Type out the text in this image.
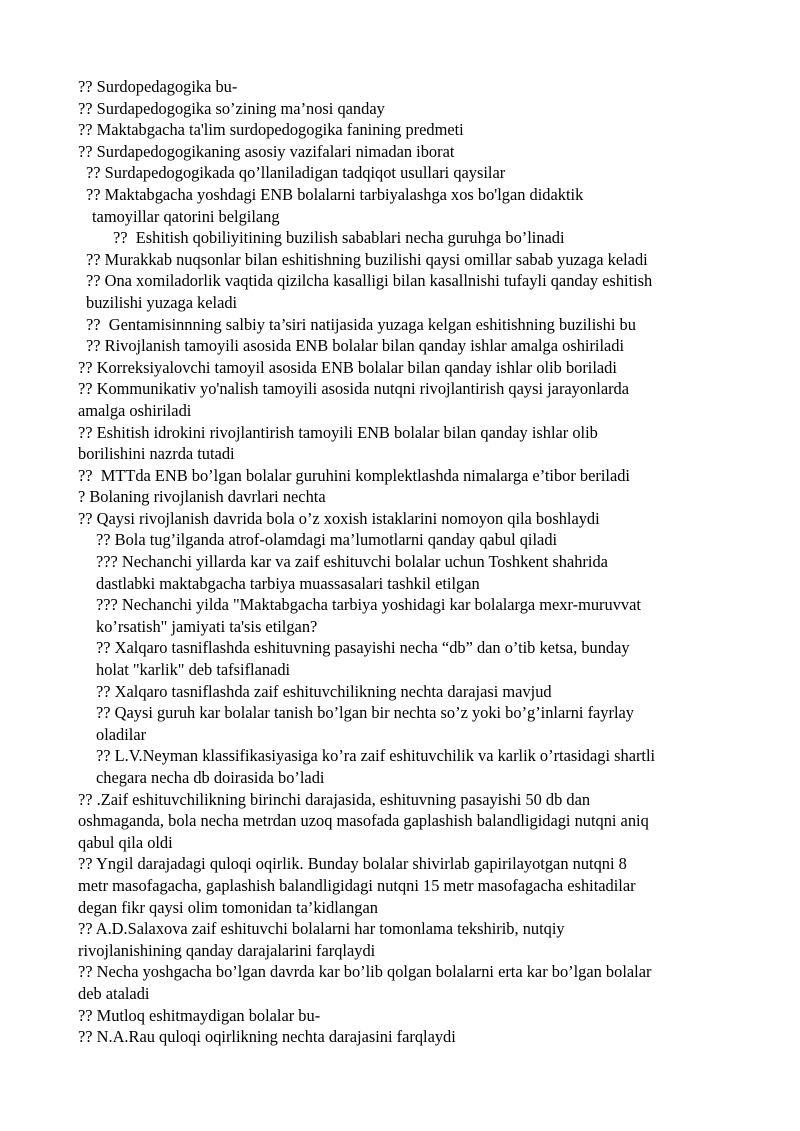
?? Surdopedagogika bu-
?? Surdapedogogika so’zining ma’nosi qanday
?? Maktabgacha ta'lim surdopedogogika fanining predmeti
?? Surdapedogogikaning asosiy vazifalari nimadan iborat
?? Surdapedogogikada qo’llaniladigan tadqiqot usullari qaysilar
?? Maktabgacha yoshdagi ENB bolalarni tarbiyalashga xos bo'lgan didaktik
tamoyillar qatorini belgilang
??  Eshitish qobiliyitining buzilish sabablari necha guruhga bo’linadi
?? Murakkab nuqsonlar bilan eshitishning buzilishi qaysi omillar sabab yuzaga keladi
?? Ona xomiladorlik vaqtida qizilcha kasalligi bilan kasallnishi tufayli qanday eshitish
buzilishi yuzaga keladi
??  Gentamisinnning salbiy ta’siri natijasida yuzaga kelgan eshitishning buzilishi bu
?? Rivojlanish tamoyili asosida ENB bolalar bilan qanday ishlar amalga oshiriladi
?? Korreksiyalovchi tamoyil asosida ENB bolalar bilan qanday ishlar olib boriladi
?? Kommunikativ yo'nalish tamoyili asosida nutqni rivojlantirish qaysi jarayonlarda
amalga oshiriladi
?? Eshitish idrokini rivojlantirish tamoyili ENB bolalar bilan qanday ishlar olib
borilishini nazrda tutadi
??  MTTda ENB bo’lgan bolalar guruhini komplektlashda nimalarga e’tibor beriladi
? Bolaning rivojlanish davrlari nechta
?? Qaysi rivojlanish davrida bola o’z xoxish istaklarini nomoyon qila boshlaydi
?? Bola tug’ilganda atrof-olamdagi ma’lumotlarni qanday qabul qiladi
??? Nechanchi yillarda kar va zaif eshituvchi bolalar uchun Toshkent shahrida
dastlabki maktabgacha tarbiya muassasalari tashkil etilgan
??? Nechanchi yilda "Maktabgacha tarbiya yoshidagi kar bolalarga mexr-muruvvat
ko’rsatish" jamiyati ta'sis etilgan?
?? Xalqaro tasniflashda eshituvning pasayishi necha “db” dan o’tib ketsa, bunday
holat "karlik" deb tafsiflanadi
?? Xalqaro tasniflashda zaif eshituvchilikning nechta darajasi mavjud
?? Qaysi guruh kar bolalar tanish bo’lgan bir nechta so’z yoki bo’g’inlarni fayrlay
oladilar
?? L.V.Neyman klassifikasiyasiga ko’ra zaif eshituvchilik va karlik o’rtasidagi shartli
chegara necha db doirasida bo’ladi
?? .Zaif eshituvchilikning birinchi darajasida, eshituvning pasayishi 50 db dan
oshmaganda, bola necha metrdan uzoq masofada gaplashish balandligidagi nutqni aniq
qabul qila oldi
?? Yngil darajadagi quloqi oqirlik. Bunday bolalar shivirlab gapirilayotgan nutqni 8
metr masofagacha, gaplashish balandligidagi nutqni 15 metr masofagacha eshitadilar
degan fikr qaysi olim tomonidan ta’kidlangan
?? A.D.Salaxova zaif eshituvchi bolalarni har tomonlama tekshirib, nutqiy
rivojlanishining qanday darajalarini farqlaydi
?? Necha yoshgacha bo’lgan davrda kar bo’lib qolgan bolalarni erta kar bo’lgan bolalar
deb ataladi
?? Mutloq eshitmaydigan bolalar bu-
?? N.A.Rau quloqi oqirlikning nechta darajasini farqlaydi
